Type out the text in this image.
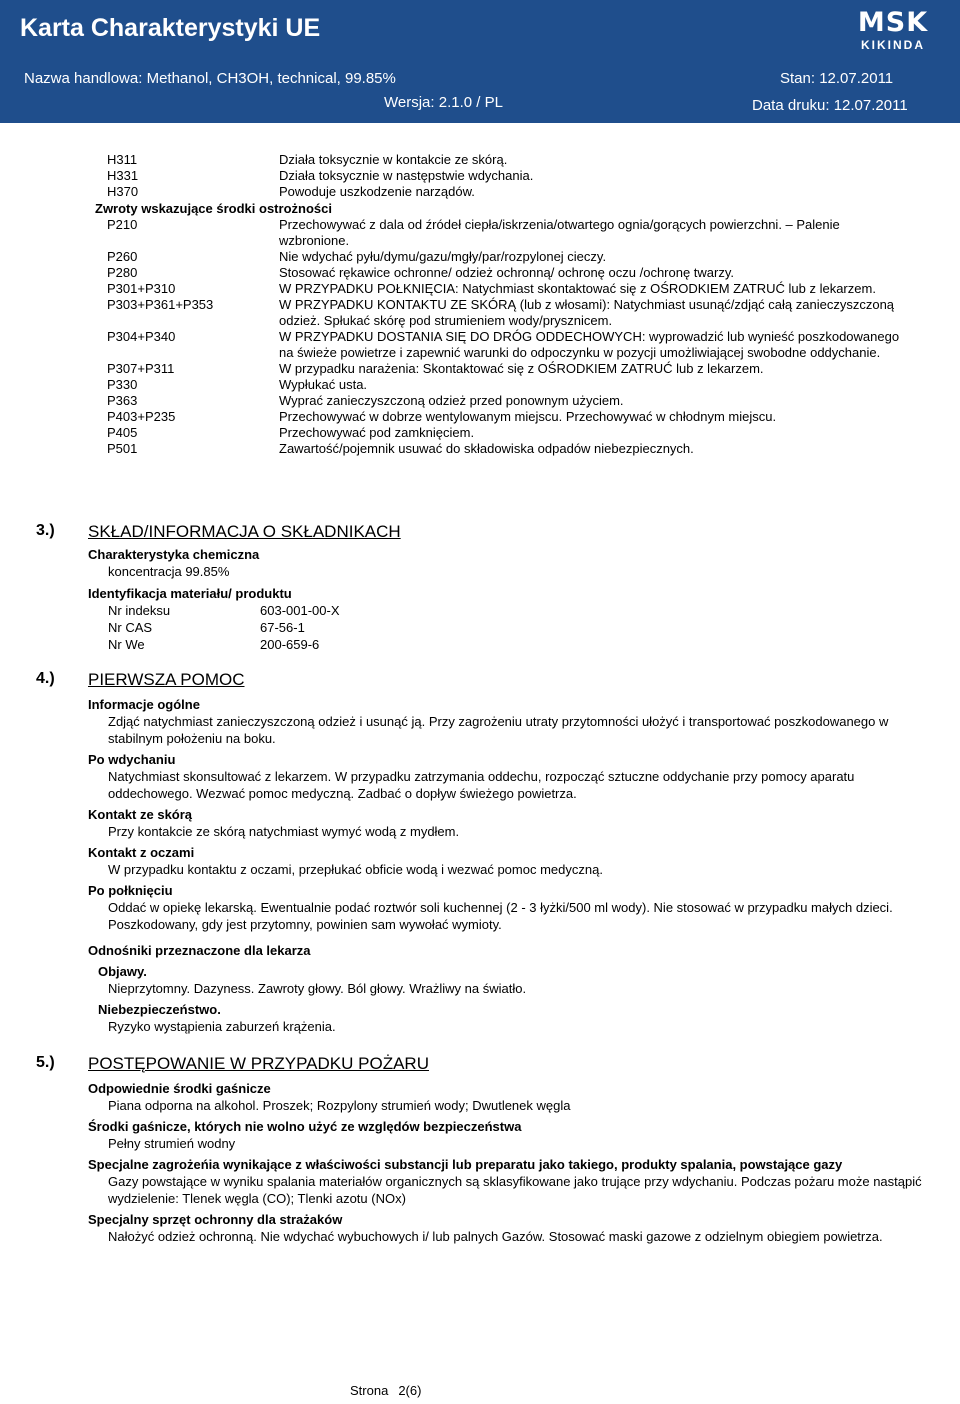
Karta Charakterystyki UE	MSK
KIKINDA
Nazwa handlowa: Methanol, CH3OH, technical, 99.85%	Stan: 12.07.2011
Wersja: 2.1.0 / PL	Data druku: 12.07.2011
H311	Działa toksycznie w kontakcie ze skórą.
H331	Działa toksycznie w następstwie wdychania.
H370	Powoduje uszkodzenie narządów.
Zwroty wskazujące środki ostrożności
P210	Przechowywać z dala od źródeł ciepła/iskrzenia/otwartego ognia/gorących powierzchni. – Palenie wzbronione.
P260	Nie wdychać pyłu/dymu/gazu/mgły/par/rozpylonej cieczy.
P280	Stosować rękawice ochronne/ odzież ochronną/ ochronę oczu /ochronę twarzy.
P301+P310	W PRZYPADKU POŁKNIĘCIA: Natychmiast skontaktować się z OŚRODKIEM ZATRUĆ lub z lekarzem.
P303+P361+P353	W PRZYPADKU KONTAKTU ZE SKÓRĄ (lub z włosami): Natychmiast usunąć/zdjąć całą zanieczyszczoną odzież. Spłukać skórę pod strumieniem wody/prysznicem.
P304+P340	W PRZYPADKU DOSTANIA SIĘ DO DRÓG ODDECHOWYCH: wyprowadzić lub wynieść poszkodowanego na świeże powietrze i zapewnić warunki do odpoczynku w pozycji umożliwiającej swobodne oddychanie.
P307+P311	W przypadku narażenia: Skontaktować się z OŚRODKIEM ZATRUĆ lub z lekarzem.
P330	Wypłukać usta.
P363	Wyprać zanieczyszczoną odzież przed ponownym użyciem.
P403+P235	Przechowywać w dobrze wentylowanym miejscu. Przechowywać w chłodnym miejscu.
P405	Przechowywać pod zamknięciem.
P501	Zawartość/pojemnik usuwać do składowiska odpadów niebezpiecznych.
3.) SKŁAD/INFORMACJA O SKŁADNIKACH
Charakterystyka chemiczna
koncentracja 99.85%
Identyfikacja materiału/ produktu
Nr indeksu	603-001-00-X
Nr CAS	67-56-1
Nr We	200-659-6
4.) PIERWSZA POMOC
Informacje ogólne
Zdjąć natychmiast zanieczyszczoną odzież i usunąć ją. Przy zagrożeniu utraty przytomności ułożyć i transportować poszkodowanego w stabilnym położeniu na boku.
Po wdychaniu
Natychmiast skonsultować z lekarzem. W przypadku zatrzymania oddechu, rozpocząć sztuczne oddychanie przy pomocy aparatu oddechowego. Wezwać pomoc medyczną. Zadbać o dopływ świeżego powietrza.
Kontakt ze skórą
Przy kontakcie ze skórą natychmiast wymyć wodą z mydłem.
Kontakt z oczami
W przypadku kontaktu z oczami, przepłukać obficie wodą i wezwać pomoc medyczną.
Po połknięciu
Oddać w opiekę lekarską. Ewentualnie podać roztwór soli kuchennej (2 - 3 łyżki/500 ml wody). Nie stosować w przypadku małych dzieci. Poszkodowany, gdy jest przytomny, powinien sam wywołać wymioty.
Odnośniki przeznaczone dla lekarza
Objawy.
Nieprzytomny. Dazyness. Zawroty głowy. Ból głowy. Wrażliwy na światło.
Niebezpieczeństwo.
Ryzyko wystąpienia zaburzeń krążenia.
5.) POSTĘPOWANIE W PRZYPADKU POŻARU
Odpowiednie środki gaśnicze
Piana odporna na alkohol. Proszek; Rozpylony strumień wody; Dwutlenek węgla
Środki gaśnicze, których nie wolno użyć ze względów bezpieczeństwa
Pełny strumień wodny
Specjalne zagrożeńia wynikające z właściwości substancji lub preparatu jako takiego, produkty spalania, powstające gazy
Gazy powstające w wyniku spalania materiałów organicznych są sklasyfikowane jako trujące przy wdychaniu. Podczas pożaru może nastąpić wydzielenie: Tlenek węgla (CO); Tlenki azotu (NOx)
Specjalny sprzęt ochronny dla strażaków
Nałożyć odzież ochronną. Nie wdychać wybuchowych i/ lub palnych Gazów. Stosować maski gazowe z odzielnym obiegiem powietrza.
Strona 2(6)
